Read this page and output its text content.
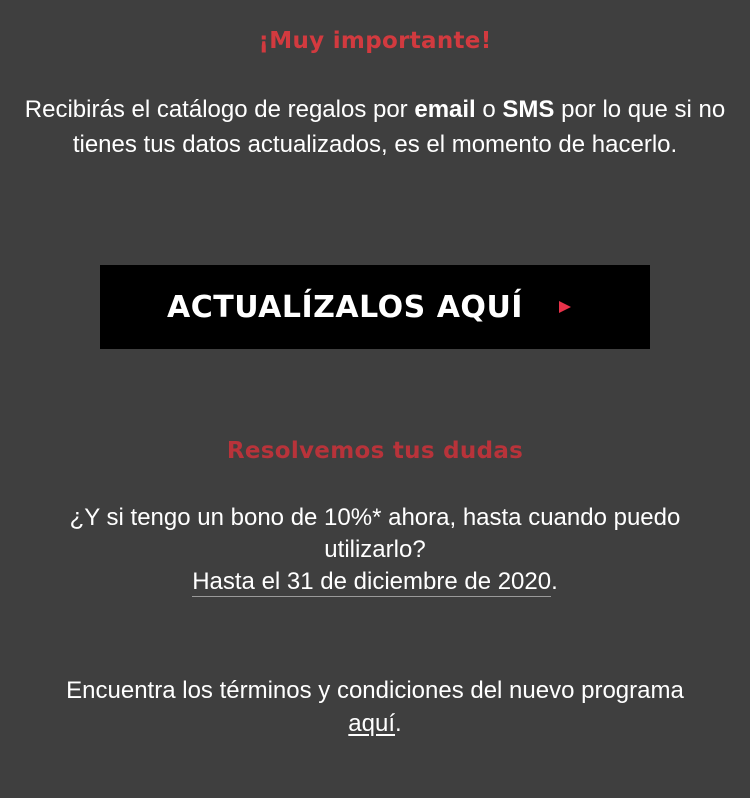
¡Muy importante!
Recibirás el catálogo de regalos por email o SMS por lo que si no tienes tus datos actualizados, es el momento de hacerlo.
ACTUALÍZALOS AQUÍ
Resolvemos tus dudas
¿Y si tengo un bono de 10%* ahora, hasta cuando puedo utilizarlo?
Hasta el 31 de diciembre de 2020.
Encuentra los términos y condiciones del nuevo programa aquí.
